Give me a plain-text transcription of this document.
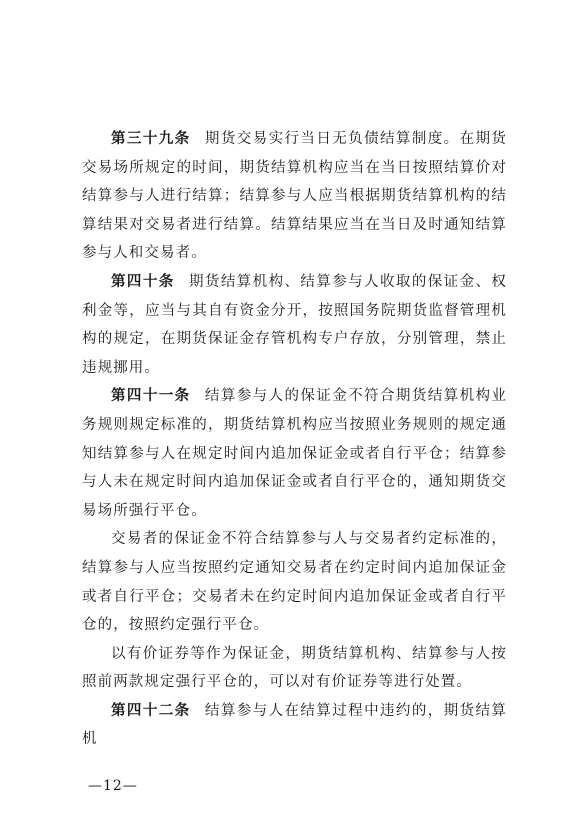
第三十九条 期货交易实行当日无负债结算制度。在期货交易场所规定的时间，期货结算机构应当在当日按照结算价对结算参与人进行结算；结算参与人应当根据期货结算机构的结算结果对交易者进行结算。结算结果应当在当日及时通知结算参与人和交易者。

第四十条 期货结算机构、结算参与人收取的保证金、权利金等，应当与其自有资金分开，按照国务院期货监督管理机构的规定，在期货保证金存管机构专户存放，分别管理，禁止违规挪用。

第四十一条 结算参与人的保证金不符合期货结算机构业务规则规定标准的，期货结算机构应当按照业务规则的规定通知结算参与人在规定时间内追加保证金或者自行平仓；结算参与人未在规定时间内追加保证金或者自行平仓的，通知期货交易场所强行平仓。

交易者的保证金不符合结算参与人与交易者约定标准的，结算参与人应当按照约定通知交易者在约定时间内追加保证金或者自行平仓；交易者未在约定时间内追加保证金或者自行平仓的，按照约定强行平仓。

以有价证券等作为保证金，期货结算机构、结算参与人按照前两款规定强行平仓的，可以对有价证券等进行处置。

第四十二条 结算参与人在结算过程中违约的，期货结算机

—12—
